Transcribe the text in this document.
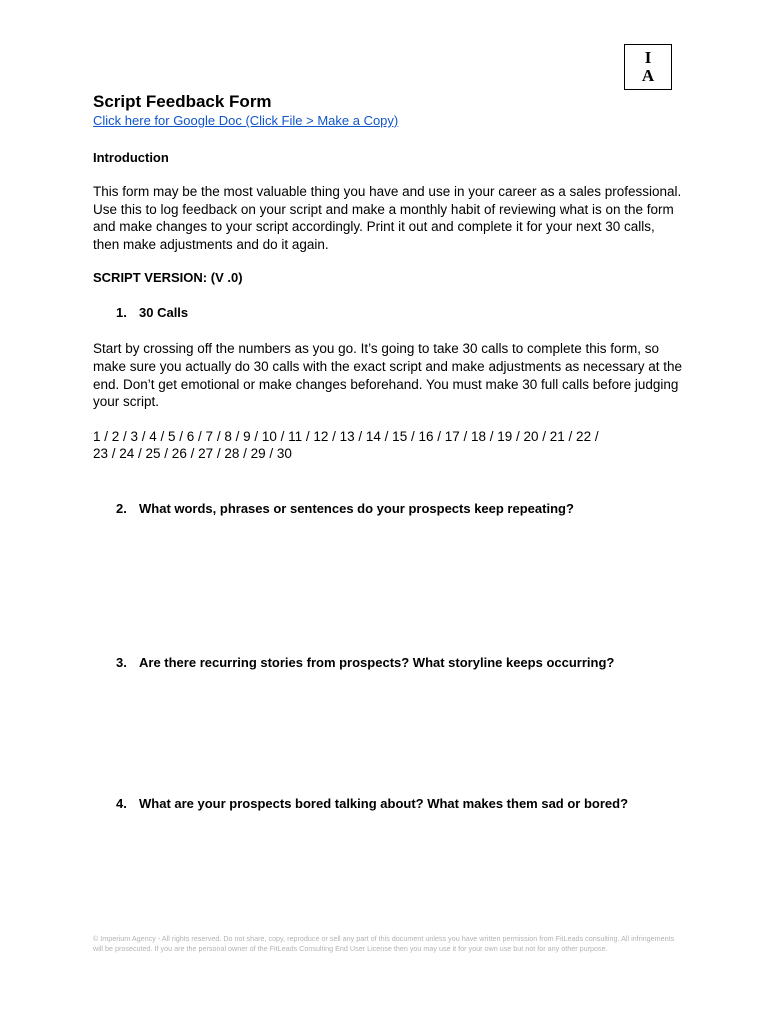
I
A
Script Feedback Form
Click here for Google Doc (Click File > Make a Copy)

Introduction

This form may be the most valuable thing you have and use in your career as a sales professional. Use this to log feedback on your script and make a monthly habit of reviewing what is on the form and make changes to your script accordingly. Print it out and complete it for your next 30 calls, then make adjustments and do it again.

SCRIPT VERSION: (V .0)

1. 30 Calls

Start by crossing off the numbers as you go. It’s going to take 30 calls to complete this form, so make sure you actually do 30 calls with the exact script and make adjustments as necessary at the end. Don’t get emotional or make changes beforehand. You must make 30 full calls before judging your script.

1 / 2 / 3 / 4 / 5 / 6 / 7 / 8 / 9 / 10 / 11 / 12 / 13 / 14 / 15 / 16 / 17 / 18 / 19 / 20 / 21 / 22 /

23 / 24 / 25 / 26 / 27 / 28 / 29 / 30

2. What words, phrases or sentences do your prospects keep repeating?
3. Are there recurring stories from prospects? What storyline keeps occurring?
4. What are your prospects bored talking about? What makes them sad or bored?
© Imperium Agency - All rights reserved. Do not share, copy, reproduce or sell any part of this document unless you have written permission from FitLeads consulting. All infringements will be prosecuted. If you are the personal owner of the FitLeads Consulting End User License then you may use it for your own use but not for any other purpose.
